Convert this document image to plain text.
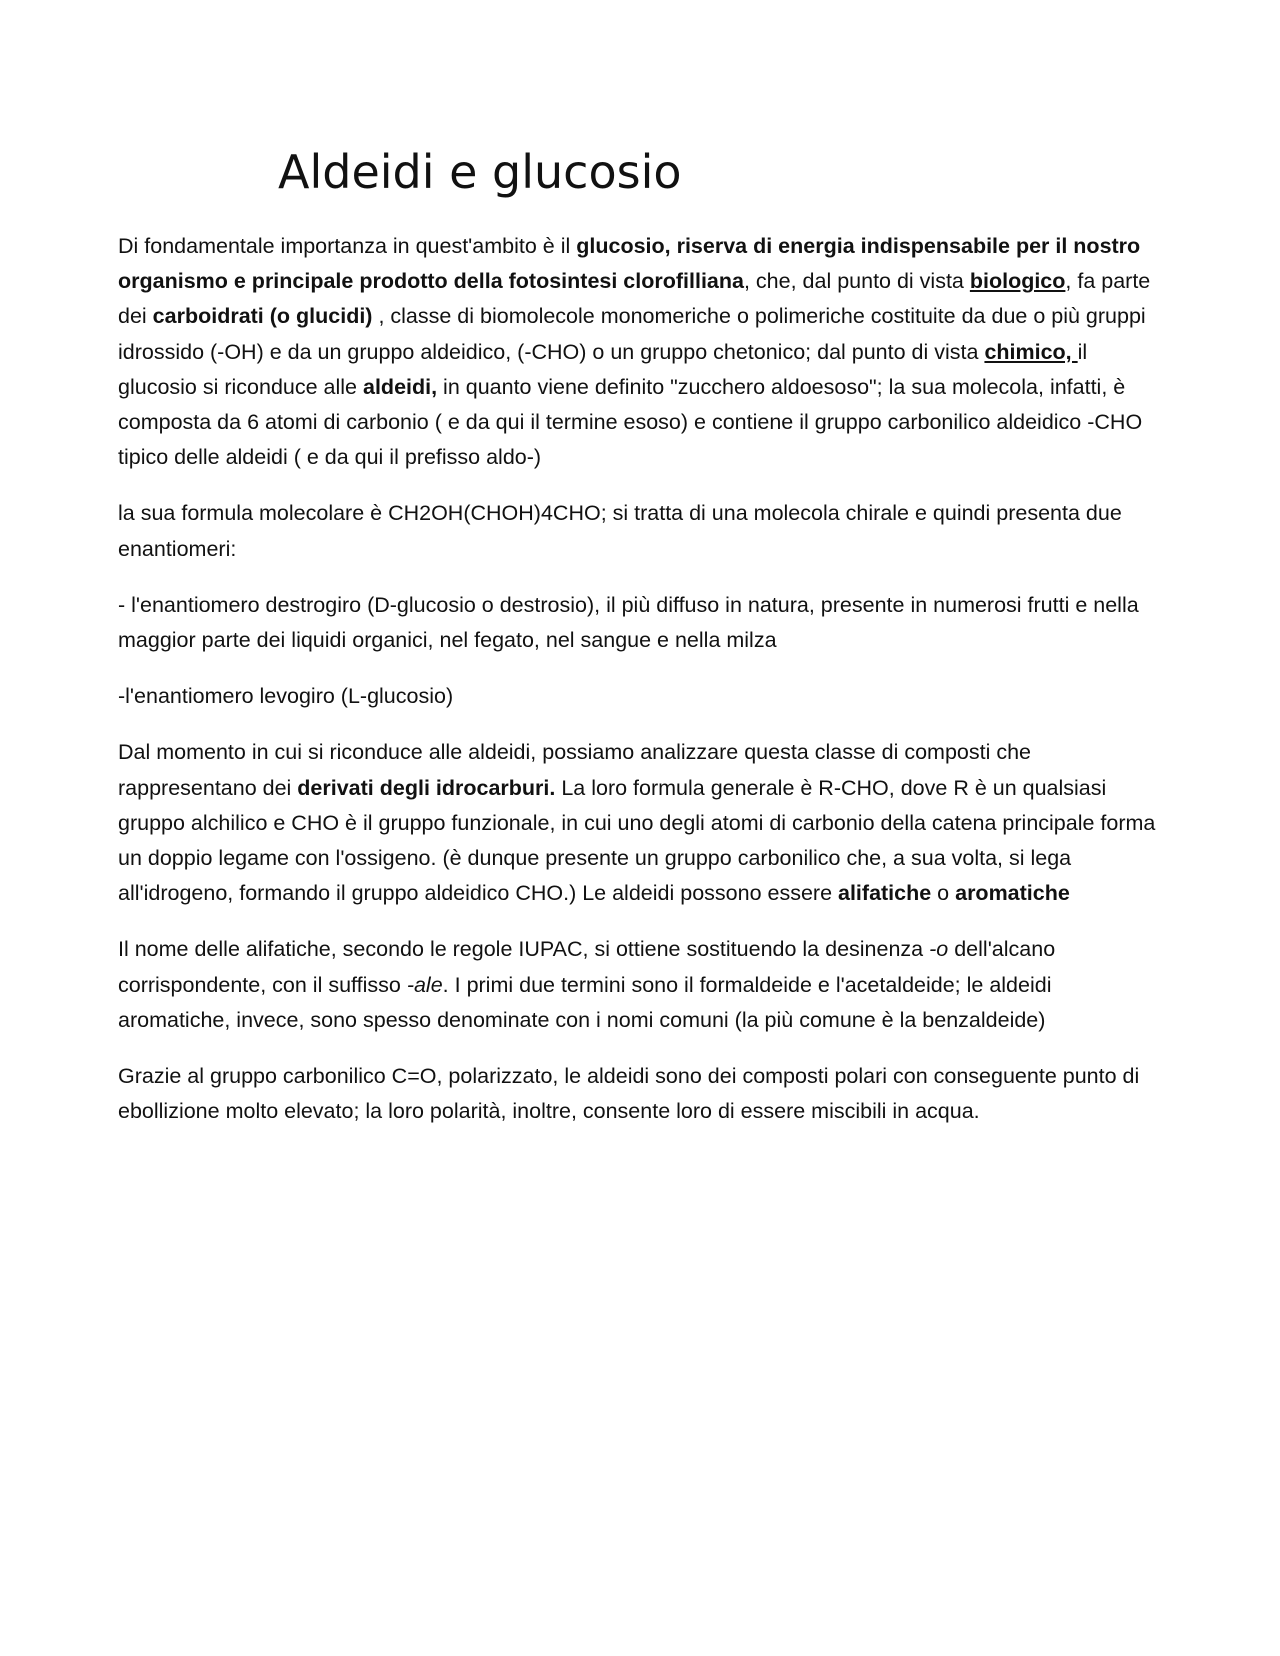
Aldeidi e glucosio

Di fondamentale importanza in quest'ambito è il glucosio, riserva di energia indispensabile per il nostro organismo e principale prodotto della fotosintesi clorofilliana, che, dal punto di vista biologico, fa parte dei carboidrati (o glucidi) , classe di biomolecole monomeriche o polimeriche costituite da due o più gruppi idrossido (-OH) e da un gruppo aldeidico, (-CHO) o un gruppo chetonico; dal punto di vista chimico, il glucosio si riconduce alle aldeidi, in quanto viene definito "zucchero aldoesoso"; la sua molecola, infatti, è composta da 6 atomi di carbonio ( e da qui il termine esoso) e contiene il gruppo carbonilico aldeidico -CHO tipico delle aldeidi ( e da qui il prefisso aldo-)

la sua formula molecolare è CH2OH(CHOH)4CHO; si tratta di una molecola chirale e quindi presenta due enantiomeri:

- l'enantiomero destrogiro (D-glucosio o destrosio), il più diffuso in natura, presente in numerosi frutti e nella maggior parte dei liquidi organici, nel fegato, nel sangue e nella milza

-l'enantiomero levogiro (L-glucosio)

Dal momento in cui si riconduce alle aldeidi, possiamo analizzare questa classe di composti che rappresentano dei derivati degli idrocarburi. La loro formula generale è R-CHO, dove R è un qualsiasi gruppo alchilico e CHO è il gruppo funzionale, in cui uno degli atomi di carbonio della catena principale forma un doppio legame con l'ossigeno. (è dunque presente un gruppo carbonilico che, a sua volta, si lega all'idrogeno, formando il gruppo aldeidico CHO.) Le aldeidi possono essere alifatiche o aromatiche

Il nome delle alifatiche, secondo le regole IUPAC, si ottiene sostituendo la desinenza -o dell'alcano corrispondente, con il suffisso -ale. I primi due termini sono il formaldeide e l'acetaldeide; le aldeidi aromatiche, invece, sono spesso denominate con i nomi comuni (la più comune è la benzaldeide)

Grazie al gruppo carbonilico C=O, polarizzato, le aldeidi sono dei composti polari con conseguente punto di ebollizione molto elevato; la loro polarità, inoltre, consente loro di essere miscibili in acqua.
